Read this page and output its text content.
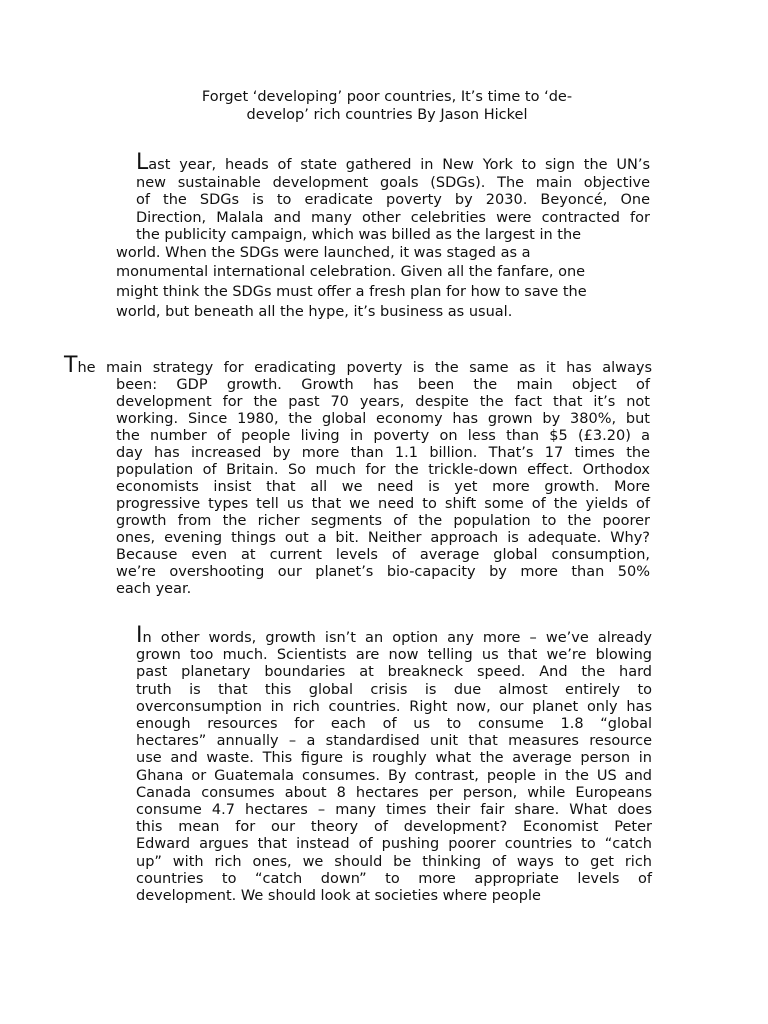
Forget ‘developing’ poor countries, It’s time to ‘de-
develop’ rich countries By Jason Hickel
Last year, heads of state gathered in New York to sign the UN’s
new sustainable development goals (SDGs). The main objective
of the SDGs is to eradicate poverty by 2030. Beyoncé, One
Direction, Malala and many other celebrities were contracted for
the publicity campaign, which was billed as the largest in the
world. When the SDGs were launched, it was staged as a
monumental international celebration. Given all the fanfare, one
might think the SDGs must offer a fresh plan for how to save the
world, but beneath all the hype, it’s business as usual.
The main strategy for eradicating poverty is the same as it has always
been: GDP growth. Growth has been the main object of
development for the past 70 years, despite the fact that it’s not
working. Since 1980, the global economy has grown by 380%, but
the number of people living in poverty on less than $5 (£3.20) a
day has increased by more than 1.1 billion. That’s 17 times the
population of Britain. So much for the trickle-down effect. Orthodox
economists insist that all we need is yet more growth. More
progressive types tell us that we need to shift some of the yields of
growth from the richer segments of the population to the poorer
ones, evening things out a bit. Neither approach is adequate. Why?
Because even at current levels of average global consumption,
we’re overshooting our planet’s bio-capacity by more than 50%
each year.
In other words, growth isn’t an option any more – we’ve already
grown too much. Scientists are now telling us that we’re blowing
past planetary boundaries at breakneck speed. And the hard
truth is that this global crisis is due almost entirely to
overconsumption in rich countries. Right now, our planet only has
enough resources for each of us to consume 1.8 “global
hectares” annually – a standardised unit that measures resource
use and waste. This figure is roughly what the average person in
Ghana or Guatemala consumes. By contrast, people in the US and
Canada consumes about 8 hectares per person, while Europeans
consume 4.7 hectares – many times their fair share. What does
this mean for our theory of development? Economist Peter
Edward argues that instead of pushing poorer countries to “catch
up” with rich ones, we should be thinking of ways to get rich
countries to “catch down” to more appropriate levels of
development. We should look at societies where people
